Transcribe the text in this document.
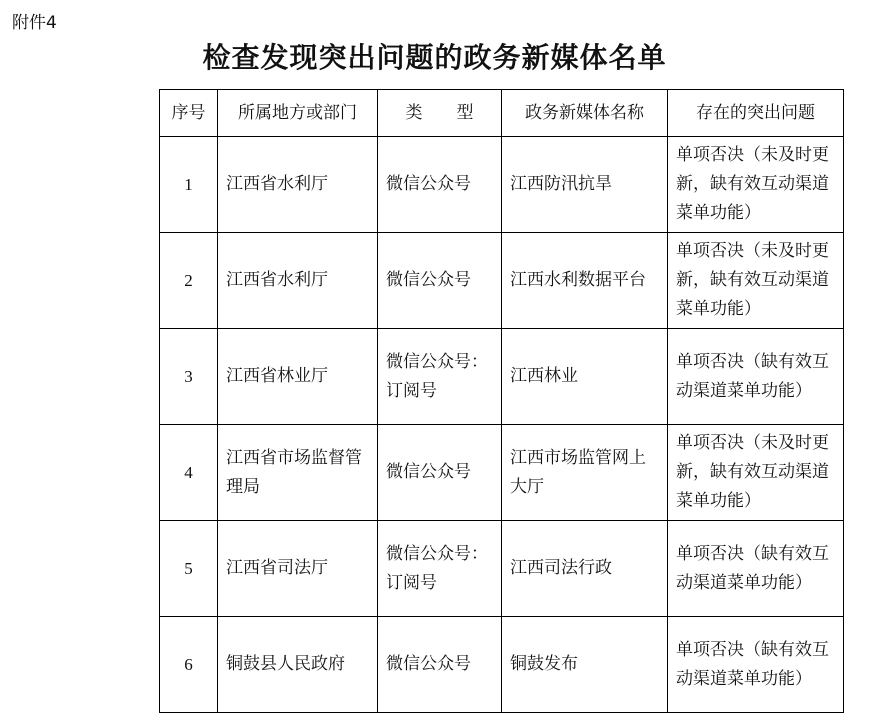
附件4
检查发现突出问题的政务新媒体名单
序号	所属地方或部门	类　　型	政务新媒体名称	存在的突出问题
1	江西省水利厅	微信公众号	江西防汛抗旱	单项否决（未及时更新，缺有效互动渠道菜单功能）
2	江西省水利厅	微信公众号	江西水利数据平台	单项否决（未及时更新，缺有效互动渠道菜单功能）
3	江西省林业厅	微信公众号：订阅号	江西林业	单项否决（缺有效互动渠道菜单功能）
4	江西省市场监督管理局	微信公众号	江西市场监管网上大厅	单项否决（未及时更新，缺有效互动渠道菜单功能）
5	江西省司法厅	微信公众号：订阅号	江西司法行政	单项否决（缺有效互动渠道菜单功能）
6	铜鼓县人民政府	微信公众号	铜鼓发布	单项否决（缺有效互动渠道菜单功能）
